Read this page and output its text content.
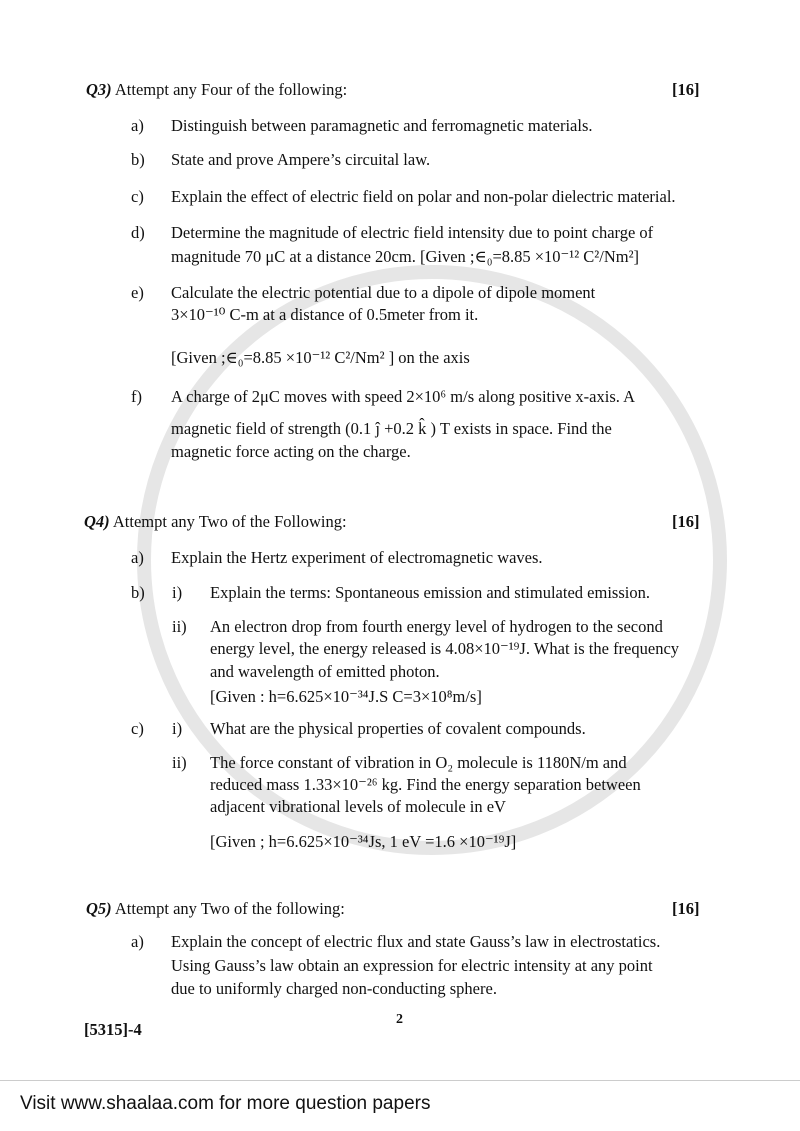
Q3) Attempt any Four of the following:	[16]
a) Distinguish between paramagnetic and ferromagnetic materials.
b) State and prove Ampere’s circuital law.
c) Explain the effect of electric field on polar and non-polar dielectric material.
d) Determine the magnitude of electric field intensity due to point charge of
magnitude 70 μC at a distance 20cm. [Given ;∈₀=8.85 ×10⁻¹² C²/Nm²]
e) Calculate the electric potential due to a dipole of dipole moment
3×10⁻¹⁰ C-m at a distance of 0.5meter from it.
[Given ;∈₀=8.85 ×10⁻¹² C²/Nm² ] on the axis
f) A charge of 2μC moves with speed 2×10⁶ m/s along positive x-axis. A
magnetic field of strength (0.1 ĵ +0.2 k̂ ) T exists in space. Find the
magnetic force acting on the charge.
Q4) Attempt any Two of the Following:	[16]
a) Explain the Hertz experiment of electromagnetic waves.
b) i) Explain the terms: Spontaneous emission and stimulated emission.
ii) An electron drop from fourth energy level of hydrogen to the second
energy level, the energy released is 4.08×10⁻¹⁹J. What is the frequency
and wavelength of emitted photon.
[Given : h=6.625×10⁻³⁴J.S C=3×10⁸m/s]
c) i) What are the physical properties of covalent compounds.
ii) The force constant of vibration in O₂ molecule is 1180N/m and
reduced mass 1.33×10⁻²⁶ kg. Find the energy separation between
adjacent vibrational levels of molecule in eV
[Given ; h=6.625×10⁻³⁴Js, 1 eV =1.6 ×10⁻¹⁹J]
Q5) Attempt any Two of the following:	[16]
a) Explain the concept of electric flux and state Gauss’s law in electrostatics.
Using Gauss’s law obtain an expression for electric intensity at any point
due to uniformly charged non-conducting sphere.
[5315]-4
2
Visit www.shaalaa.com for more question papers
